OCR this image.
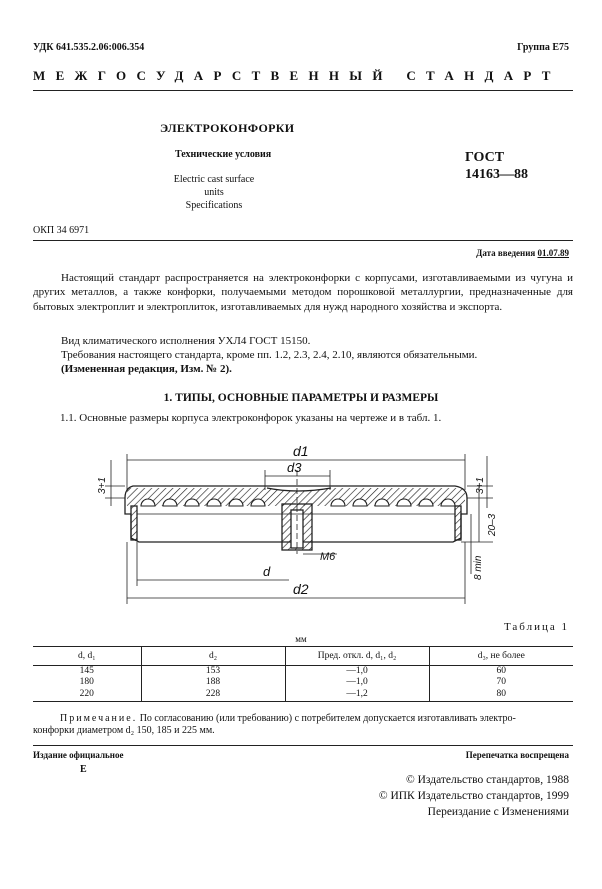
УДК 641.535.2.06:006.354	Группа Е75
МЕЖГОСУДАРСТВЕННЫЙ СТАНДАРТ
ЭЛЕКТРОКОНФОРКИ
Технические условия
Electric cast surface units
Specifications
ГОСТ
14163—88
ОКП 34 6971
Дата введения 01.07.89
Настоящий стандарт распространяется на электроконфорки с корпусами, изготавливаемыми из чугуна и других металлов, а также конфорки, получаемыми методом порошковой металлургии, предназначенные для бытовых электроплит и электроплиток, изготавливаемых для нужд народного хозяйства и экспорта.
Вид климатического исполнения УХЛ4 ГОСТ 15150.
Требования настоящего стандарта, кроме пп. 1.2, 2.3, 2.4, 2.10, являются обязательными.
(Измененная редакция, Изм. № 2).
1. ТИПЫ, ОСНОВНЫЕ ПАРАМЕТРЫ И РАЗМЕРЫ
1.1. Основные размеры корпуса электроконфорок указаны на чертеже и в табл. 1.
d1
d3
d
M6
d2
3+1	3+1
20–3
8 min
Таблица 1
мм
d, d₁	d₂	Пред. откл. d, d₁, d₂	d₃, не более
145	153	—1,0	60
180	188	—1,0	70
220	228	—1,2	80
Примечание. По согласованию (или требованию) с потребителем допускается изготавливать электро-
конфорки диаметром d₂ 150, 185 и 225 мм.
Издание официальное
Е
Перепечатка воспрещена
© Издательство стандартов, 1988
© ИПК Издательство стандартов, 1999
Переиздание с Изменениями
